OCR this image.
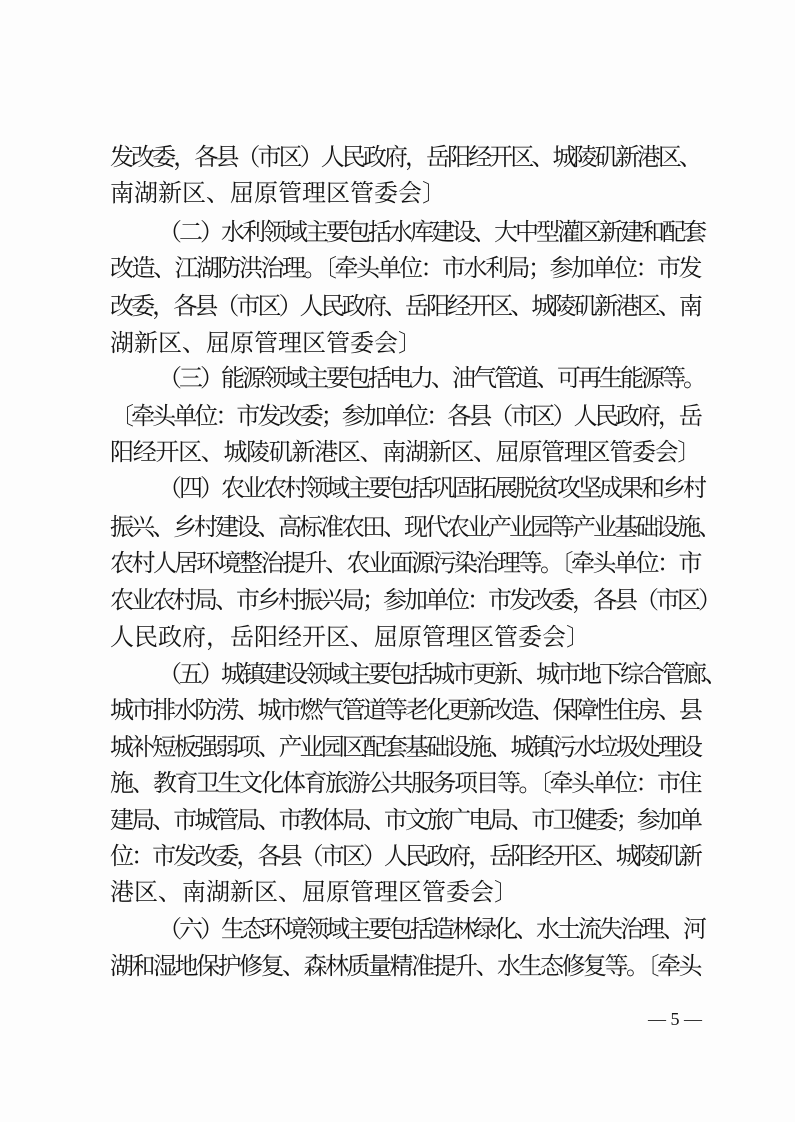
发改委，各县（市区）人民政府，岳阳经开区、城陵矶新港区、
南湖新区、屈原管理区管委会〕
（二）水利领域主要包括水库建设、大中型灌区新建和配套
改造、江湖防洪治理。〔牵头单位：市水利局；参加单位：市发
改委，各县（市区）人民政府、岳阳经开区、城陵矶新港区、南
湖新区、屈原管理区管委会〕
（三）能源领域主要包括电力、油气管道、可再生能源等。
〔牵头单位：市发改委；参加单位：各县（市区）人民政府，岳
阳经开区、城陵矶新港区、南湖新区、屈原管理区管委会〕
（四）农业农村领域主要包括巩固拓展脱贫攻坚成果和乡村
振兴、乡村建设、高标准农田、现代农业产业园等产业基础设施、
农村人居环境整治提升、农业面源污染治理等。〔牵头单位：市
农业农村局、市乡村振兴局；参加单位：市发改委，各县（市区）
人民政府，岳阳经开区、屈原管理区管委会〕
（五）城镇建设领域主要包括城市更新、城市地下综合管廊、
城市排水防涝、城市燃气管道等老化更新改造、保障性住房、县
城补短板强弱项、产业园区配套基础设施、城镇污水垃圾处理设
施、教育卫生文化体育旅游公共服务项目等。〔牵头单位：市住
建局、市城管局、市教体局、市文旅广电局、市卫健委；参加单
位：市发改委，各县（市区）人民政府，岳阳经开区、城陵矶新
港区、南湖新区、屈原管理区管委会〕
（六）生态环境领域主要包括造林绿化、水土流失治理、河
湖和湿地保护修复、森林质量精准提升、水生态修复等。〔牵头
— 5 —
